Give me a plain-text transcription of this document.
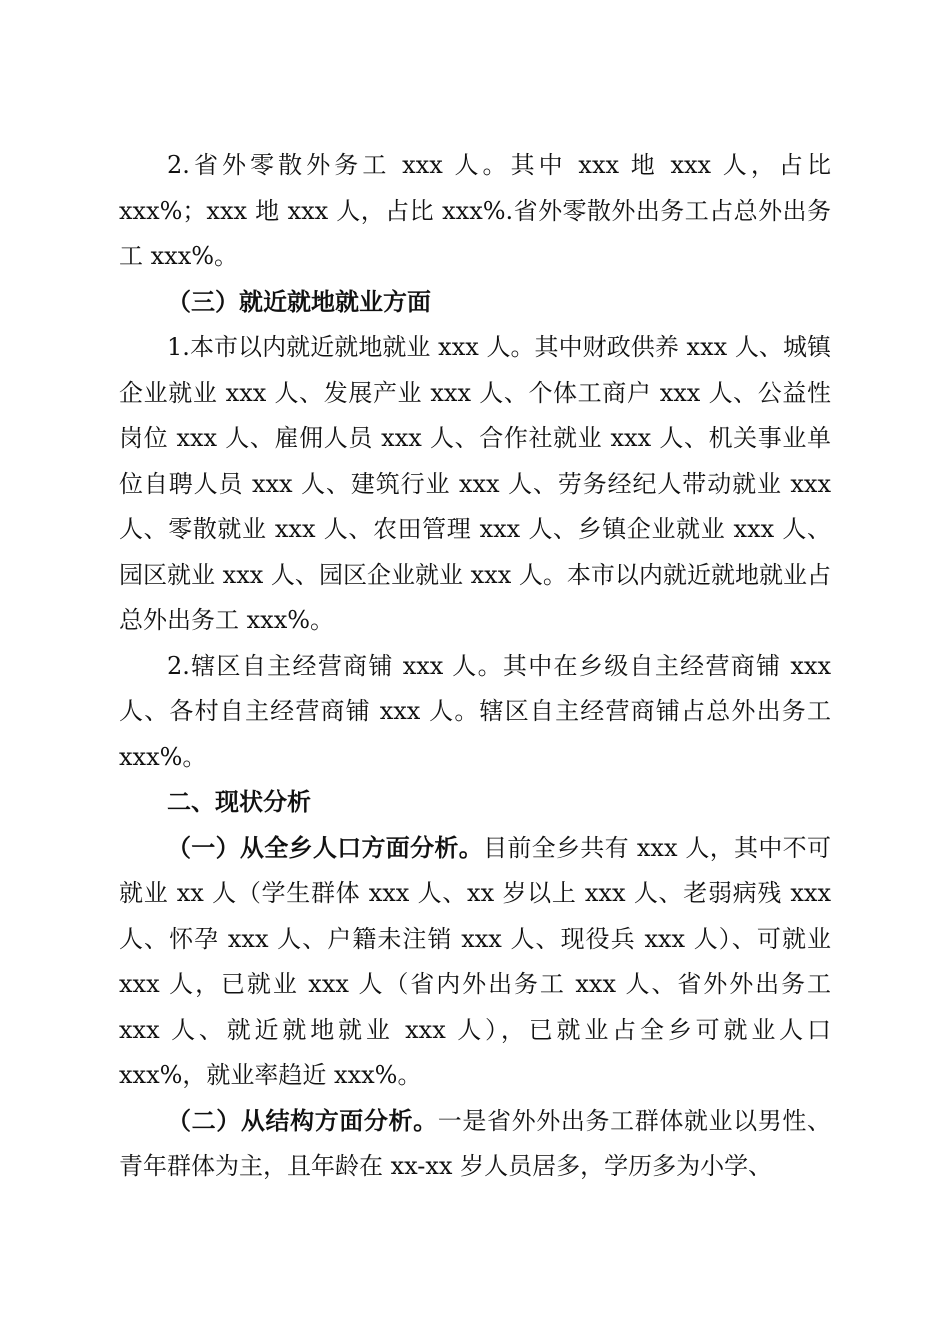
2.省外零散外务工 xxx 人。其中 xxx 地 xxx 人，占比 xxx%；xxx 地 xxx 人，占比 xxx%.省外零散外出务工占总外出务工 xxx%。

（三）就近就地就业方面

1.本市以内就近就地就业 xxx 人。其中财政供养 xxx 人、城镇企业就业 xxx 人、发展产业 xxx 人、个体工商户 xxx 人、公益性岗位 xxx 人、雇佣人员 xxx 人、合作社就业 xxx 人、机关事业单位自聘人员 xxx 人、建筑行业 xxx 人、劳务经纪人带动就业 xxx 人、零散就业 xxx 人、农田管理 xxx 人、乡镇企业就业 xxx 人、园区就业 xxx 人、园区企业就业 xxx 人。本市以内就近就地就业占总外出务工 xxx%。

2.辖区自主经营商铺 xxx 人。其中在乡级自主经营商铺 xxx 人、各村自主经营商铺 xxx 人。辖区自主经营商铺占总外出务工 xxx%。

二、现状分析

（一）从全乡人口方面分析。目前全乡共有 xxx 人，其中不可就业 xx 人（学生群体 xxx 人、xx 岁以上 xxx 人、老弱病残 xxx 人、怀孕 xxx 人、户籍未注销 xxx 人、现役兵 xxx 人）、可就业 xxx 人，已就业 xxx 人（省内外出务工 xxx 人、省外外出务工 xxx 人、就近就地就业 xxx 人），已就业占全乡可就业人口 xxx%，就业率趋近 xxx%。

（二）从结构方面分析。一是省外外出务工群体就业以男性、青年群体为主，且年龄在 xx-xx 岁人员居多，学历多为小学、
